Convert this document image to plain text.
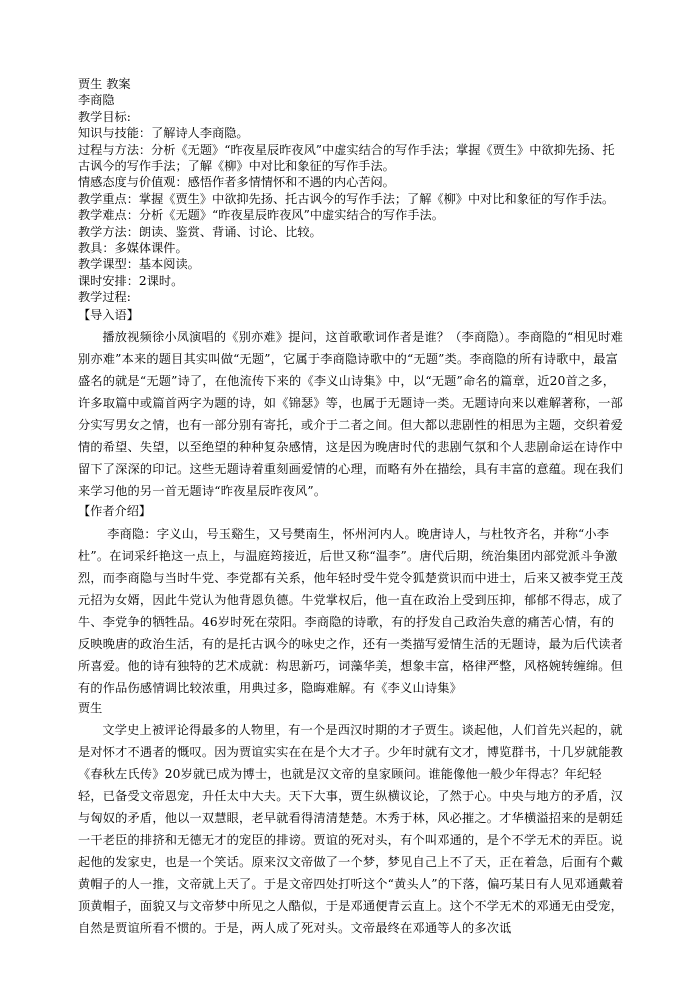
贾生 教案

李商隐

教学目标:

知识与技能：了解诗人李商隐。

过程与方法：分析《无题》“昨夜星辰昨夜风”中虚实结合的写作手法；掌握《贾生》中欲抑先扬、托古讽今的写作手法；了解《柳》中对比和象征的写作手法。

情感态度与价值观：感悟作者多情情怀和不遇的内心苦闷。

教学重点：掌握《贾生》中欲抑先扬、托古讽今的写作手法；了解《柳》中对比和象征的写作手法。

教学难点：分析《无题》“昨夜星辰昨夜风”中虚实结合的写作手法。

教学方法：朗读、鉴赏、背诵、讨论、比较。

教具：多媒体课件。

教学课型：基本阅读。

课时安排：2课时。

教学过程:

【导入语】

播放视频徐小凤演唱的《别亦难》提问，这首歌歌词作者是谁？（李商隐）。李商隐的“相见时难别亦难”本来的题目其实叫做“无题”，它属于李商隐诗歌中的“无题”类。李商隐的所有诗歌中，最富盛名的就是“无题”诗了，在他流传下来的《李义山诗集》中，以“无题”命名的篇章，近20首之多，许多取篇中或篇首两字为题的诗，如《锦瑟》等，也属于无题诗一类。无题诗向来以难解著称，一部分实写男女之情，也有一部分别有寄托，或介于二者之间。但大都以悲剧性的相思为主题，交织着爱情的希望、失望，以至绝望的种种复杂感情，这是因为晚唐时代的悲剧气氛和个人悲剧命运在诗作中留下了深深的印记。这些无题诗着重刻画爱情的心理，而略有外在描绘，具有丰富的意蕴。现在我们来学习他的另一首无题诗“昨夜星辰昨夜风”。

【作者介绍】

李商隐：字义山，号玉谿生，又号樊南生，怀州河内人。晚唐诗人，与杜牧齐名，并称“小李杜”。在词采纤艳这一点上，与温庭筠接近，后世又称“温李”。唐代后期，统治集团内部党派斗争激烈，而李商隐与当时牛党、李党都有关系，他年轻时受牛党令狐楚赏识而中进士，后来又被李党王茂元招为女婿，因此牛党认为他背恩负德。牛党掌权后，他一直在政治上受到压抑，郁郁不得志，成了牛、李党争的牺牲品。46岁时死在荥阳。李商隐的诗歌，有的抒发自己政治失意的痛苦心情，有的反映晚唐的政治生活，有的是托古讽今的咏史之作，还有一类描写爱情生活的无题诗，最为后代读者所喜爱。他的诗有独特的艺术成就：构思新巧，词藻华美，想象丰富，格律严整，风格婉转缠绵。但有的作品伤感情调比较浓重，用典过多，隐晦难解。有《李义山诗集》

贾生

文学史上被评论得最多的人物里，有一个是西汉时期的才子贾生。谈起他，人们首先兴起的，就是对怀才不遇者的慨叹。因为贾谊实实在在是个大才子。少年时就有文才，博览群书，十几岁就能教《春秋左氏传》20岁就已成为博士，也就是汉文帝的皇家顾问。谁能像他一般少年得志？年纪轻轻，已备受文帝恩宠，升任太中大夫。天下大事，贾生纵横议论，了然于心。中央与地方的矛盾，汉与匈奴的矛盾，他以一双慧眼，老早就看得清清楚楚。木秀于林，风必摧之。才华横溢招来的是朝廷一干老臣的排挤和无德无才的宠臣的排谤。贾谊的死对头，有个叫邓通的，是个不学无术的弄臣。说起他的发家史，也是一个笑话。原来汉文帝做了一个梦，梦见自己上不了天，正在着急，后面有个戴黄帽子的人一推，文帝就上天了。于是文帝四处打听这个“黄头人”的下落，偏巧某日有人见邓通戴着顶黄帽子，面貌又与文帝梦中所见之人酷似，于是邓通便青云直上。这个不学无术的邓通无由受宠，自然是贾谊所看不惯的。于是，两人成了死对头。文帝最终在邓通等人的多次诋
